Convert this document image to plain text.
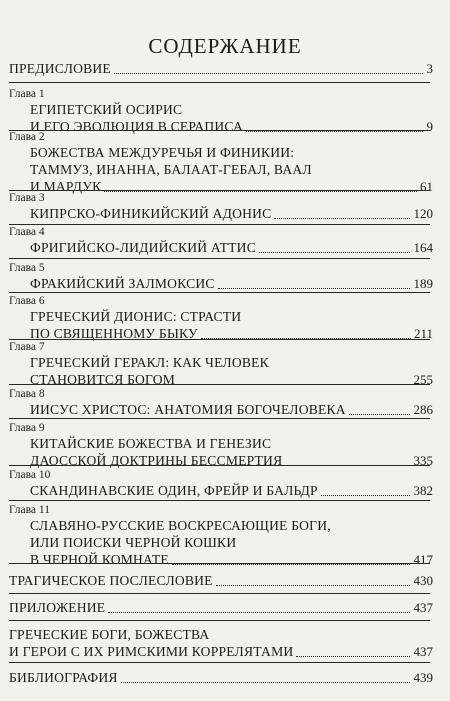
СОДЕРЖАНИЕ
ПРЕДИСЛОВИЕ	3
Глава 1
ЕГИПЕТСКИЙ ОСИРИС
И ЕГО ЭВОЛЮЦИЯ В СЕРАПИСА	9
Глава 2
БОЖЕСТВА МЕЖДУРЕЧЬЯ И ФИНИКИИ:
ТАММУЗ, ИНАННА, БАЛААТ-ГЕБАЛ, ВААЛ
И МАРДУК	61
Глава 3
КИПРСКО-ФИНИКИЙСКИЙ АДОНИС	120
Глава 4
ФРИГИЙСКО-ЛИДИЙСКИЙ АТТИС	164
Глава 5
ФРАКИЙСКИЙ ЗАЛМОКСИС	189
Глава 6
ГРЕЧЕСКИЙ ДИОНИС: СТРАСТИ
ПО СВЯЩЕННОМУ БЫКУ	211
Глава 7
ГРЕЧЕСКИЙ ГЕРАКЛ: КАК ЧЕЛОВЕК
СТАНОВИТСЯ БОГОМ	255
Глава 8
ИИСУС ХРИСТОС: АНАТОМИЯ БОГОЧЕЛОВЕКА	286
Глава 9
КИТАЙСКИЕ БОЖЕСТВА И ГЕНЕЗИС
ДАОССКОЙ ДОКТРИНЫ БЕССМЕРТИЯ	335
Глава 10
СКАНДИНАВСКИЕ ОДИН, ФРЕЙР И БАЛЬДР	382
Глава 11
СЛАВЯНО-РУССКИЕ ВОСКРЕСАЮЩИЕ БОГИ,
ИЛИ ПОИСКИ ЧЕРНОЙ КОШКИ
В ЧЕРНОЙ КОМНАТЕ	417
ТРАГИЧЕСКОЕ ПОСЛЕСЛОВИЕ	430
ПРИЛОЖЕНИЕ	437
ГРЕЧЕСКИЕ БОГИ, БОЖЕСТВА
И ГЕРОИ С ИХ РИМСКИМИ КОРРЕЛЯТАМИ	437
БИБЛИОГРАФИЯ	439
